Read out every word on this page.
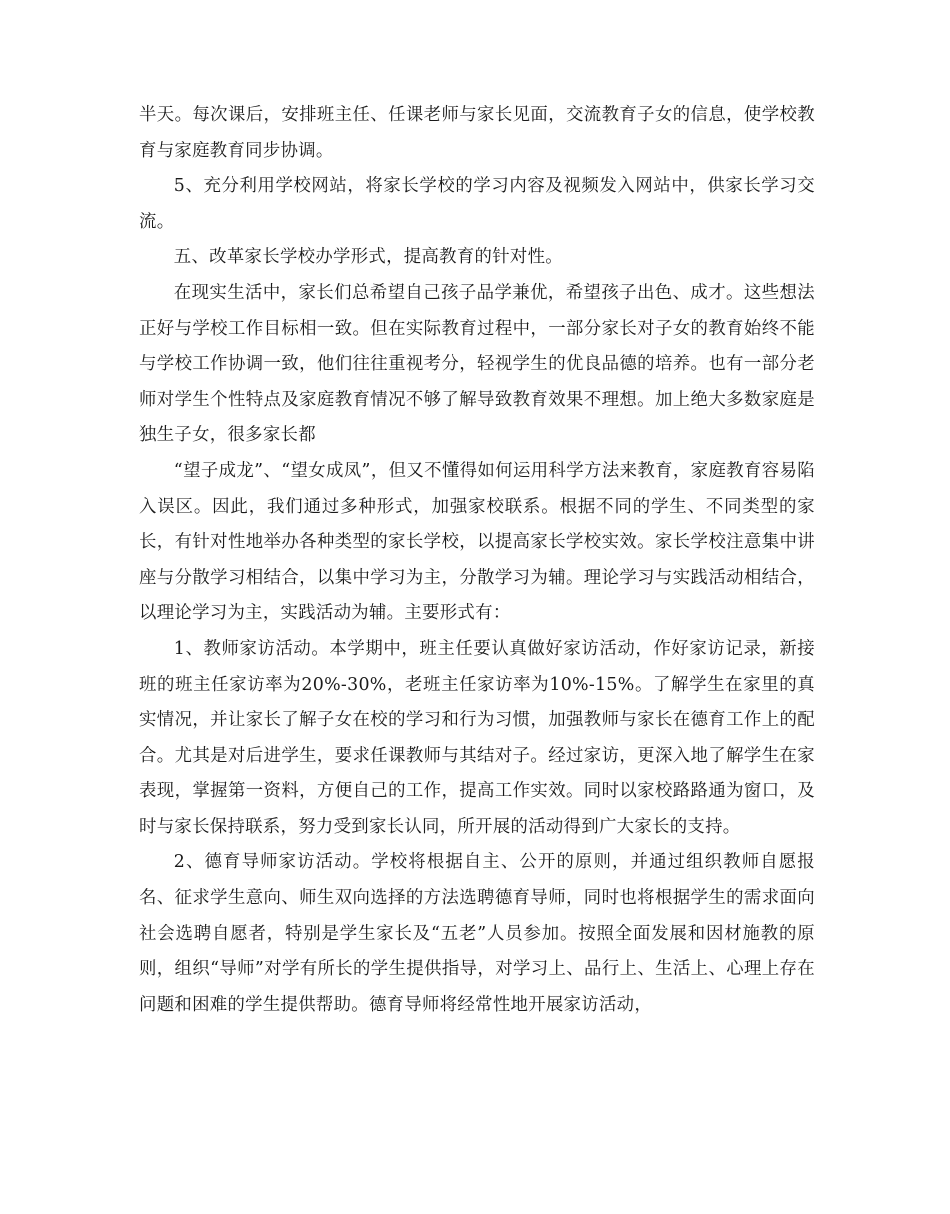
半天。每次课后，安排班主任、任课老师与家长见面，交流教育子女的信息，使学校教育与家庭教育同步协调。

5、充分利用学校网站，将家长学校的学习内容及视频发入网站中，供家长学习交流。

五、改革家长学校办学形式，提高教育的针对性。

在现实生活中，家长们总希望自己孩子品学兼优，希望孩子出色、成才。这些想法正好与学校工作目标相一致。但在实际教育过程中，一部分家长对子女的教育始终不能与学校工作协调一致，他们往往重视考分，轻视学生的优良品德的培养。也有一部分老师对学生个性特点及家庭教育情况不够了解导致教育效果不理想。加上绝大多数家庭是独生子女，很多家长都

“望子成龙”、“望女成凤”，但又不懂得如何运用科学方法来教育，家庭教育容易陷入误区。因此，我们通过多种形式，加强家校联系。根据不同的学生、不同类型的家长，有针对性地举办各种类型的家长学校，以提高家长学校实效。家长学校注意集中讲座与分散学习相结合，以集中学习为主，分散学习为辅。理论学习与实践活动相结合，以理论学习为主，实践活动为辅。主要形式有：

1、教师家访活动。本学期中，班主任要认真做好家访活动，作好家访记录，新接班的班主任家访率为20%-30%，老班主任家访率为10%-15%。了解学生在家里的真实情况，并让家长了解子女在校的学习和行为习惯，加强教师与家长在德育工作上的配合。尤其是对后进学生，要求任课教师与其结对子。经过家访，更深入地了解学生在家表现，掌握第一资料，方便自己的工作，提高工作实效。同时以家校路路通为窗口，及时与家长保持联系，努力受到家长认同，所开展的活动得到广大家长的支持。

2、德育导师家访活动。学校将根据自主、公开的原则，并通过组织教师自愿报名、征求学生意向、师生双向选择的方法选聘德育导师，同时也将根据学生的需求面向社会选聘自愿者，特别是学生家长及“五老”人员参加。按照全面发展和因材施教的原则，组织“导师”对学有所长的学生提供指导，对学习上、品行上、生活上、心理上存在问题和困难的学生提供帮助。德育导师将经常性地开展家访活动，
